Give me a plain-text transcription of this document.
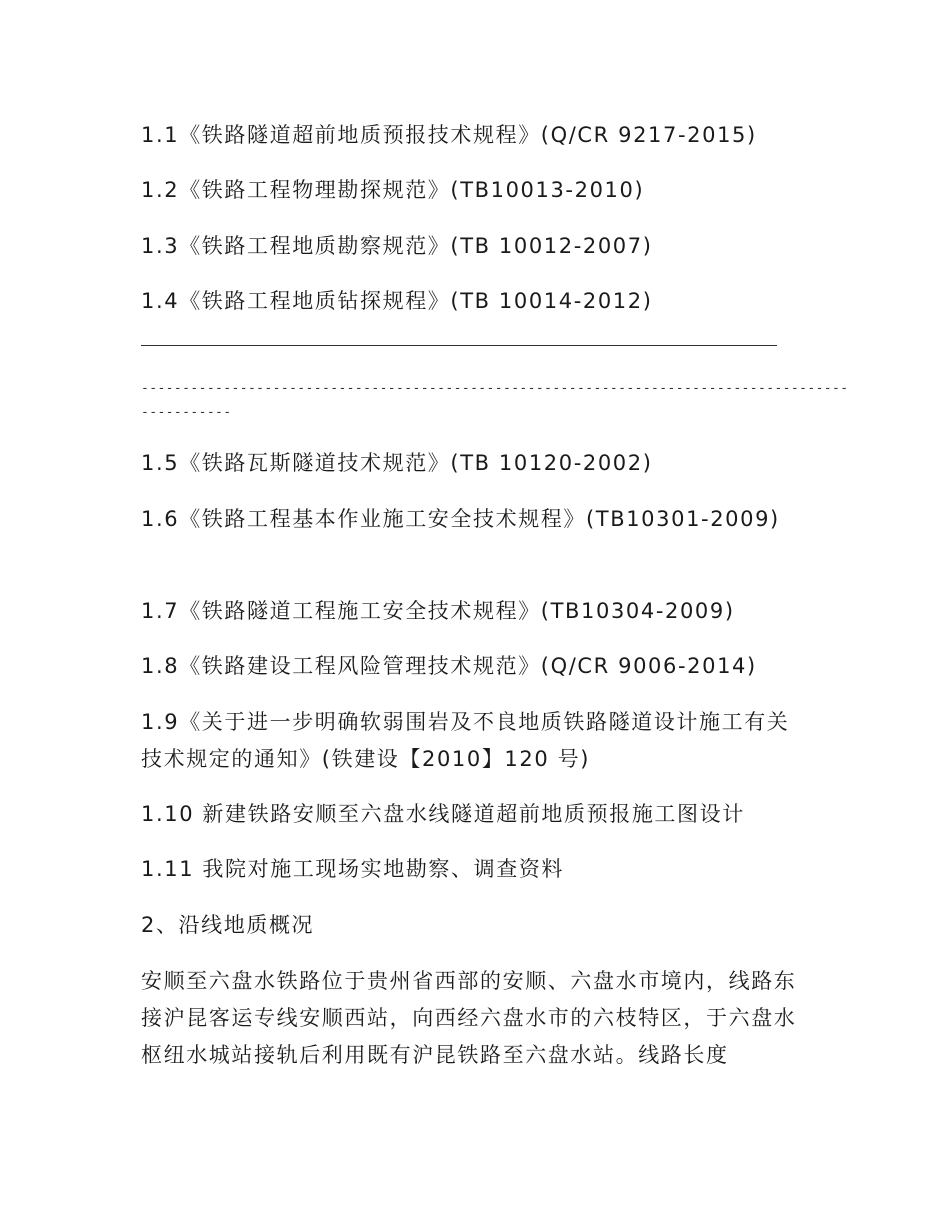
1.1《铁路隧道超前地质预报技术规程》(Q/CR 9217-2015)

1.2《铁路工程物理勘探规范》(TB10013-2010)

1.3《铁路工程地质勘察规范》(TB 10012-2007)

1.4《铁路工程地质钻探规程》(TB 10014-2012)

--------------------------------------------------------------------------------------

-----------

1.5《铁路瓦斯隧道技术规范》(TB 10120-2002)

1.6《铁路工程基本作业施工安全技术规程》(TB10301-2009)

1.7《铁路隧道工程施工安全技术规程》(TB10304-2009)

1.8《铁路建设工程风险管理技术规范》(Q/CR 9006-2014)

1.9《关于进一步明确软弱围岩及不良地质铁路隧道设计施工有关技术规定的通知》(铁建设【2010】120 号)

1.10 新建铁路安顺至六盘水线隧道超前地质预报施工图设计

1.11 我院对施工现场实地勘察、调查资料

2、沿线地质概况

安顺至六盘水铁路位于贵州省西部的安顺、六盘水市境内，线路东接沪昆客运专线安顺西站，向西经六盘水市的六枝特区，于六盘水枢纽水城站接轨后利用既有沪昆铁路至六盘水站。线路长度
